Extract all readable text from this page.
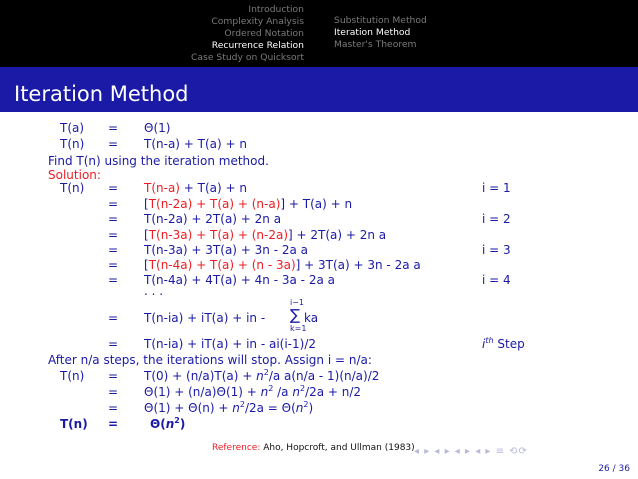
Introduction
Complexity Analysis
Ordered Notation
Recurrence Relation
Case Study on Quicksort
Substitution Method
Iteration Method
Master's Theorem
Iteration Method
T(a) = Θ(1)
T(n) = T(n-a) + T(a) + n
Find T(n) using the iteration method.
Solution:
T(n) = T(n-a) + T(a) + n	i = 1
= [T(n-2a) + T(a) + (n-a)] + T(a) + n
= T(n-2a) + 2T(a) + 2n a	i = 2
= [T(n-3a) + T(a) + (n-2a)] + 2T(a) + 2n a
= T(n-3a) + 3T(a) + 3n - 2a a	i = 3
= [T(n-4a) + T(a) + (n - 3a)] + 3T(a) + 3n - 2a a
= T(n-4a) + 4T(a) + 4n - 3a - 2a a	i = 4
. . .
i−1
= T(n-ia) + iT(a) + in - ∑ ka
k=1
= T(n-ia) + iT(a) + in - ai(i-1)/2	$i^{th}$ Step
After n/a steps, the iterations will stop. Assign i = n/a:
$T(n) = T(0) + (n/a)T(a) + n^2/a$ a(n/a - 1)(n/a)/2
= $\Theta(1) + (n/a)\Theta(1) + n^2$ /a $n^2/2a + n/2$
= $\Theta(1) + \Theta(n) + n^2/2a = \Theta(n^2)$
T(n) =	$\Theta(n^2)$
Reference: Aho, Hopcroft, and Ullman (1983) ◂ ▸ ◂ ▸ ◂ ▸ ◂ ▸ ≡ ⟲⟳
26 / 36
